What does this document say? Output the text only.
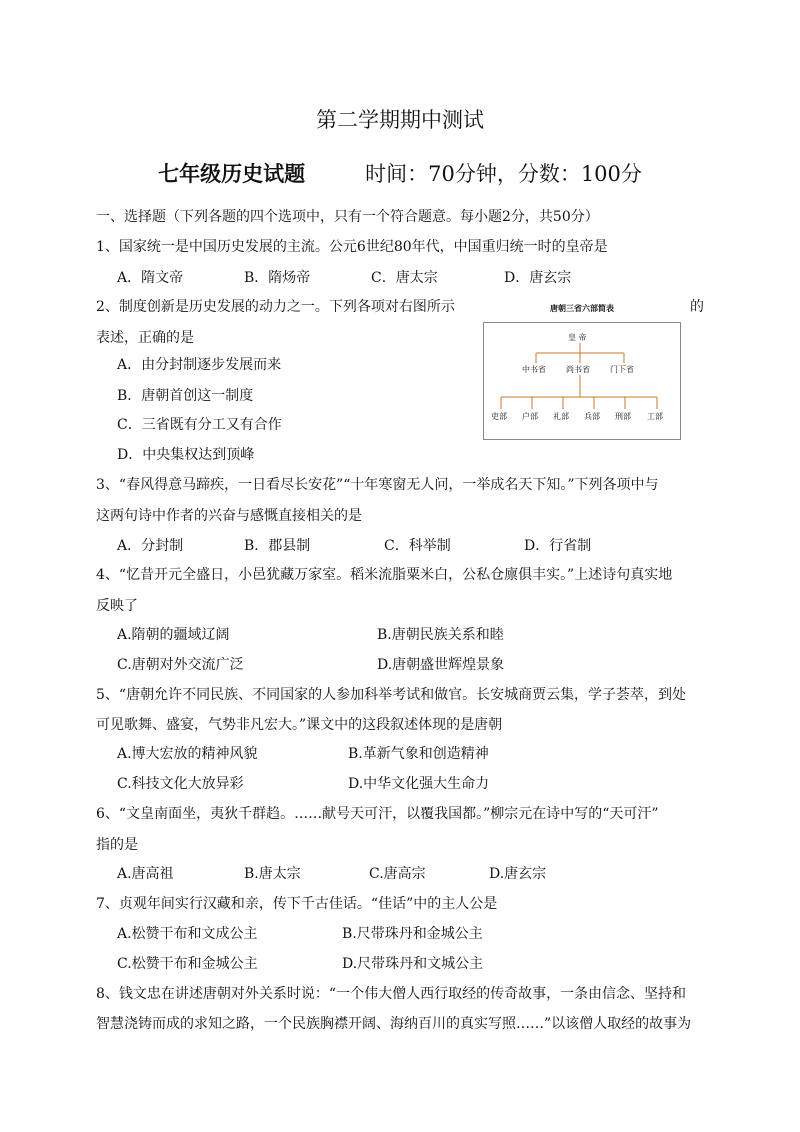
第二学期期中测试
七年级历史试题	时间：70分钟，分数：100分
一、选择题（下列各题的四个选项中，只有一个符合题意。每小题2分，共50分）
1、国家统一是中国历史发展的主流。公元6世纪80年代，中国重归统一时的皇帝是
A．隋文帝	B．隋炀帝	C．唐太宗	D．唐玄宗
2、制度创新是历史发展的动力之一。下列各项对右图所示	的
表述，正确的是
A．由分封制逐步发展而来
B．唐朝首创这一制度
C．三省既有分工又有合作
D．中央集权达到顶峰
唐朝三省六部简表
皇 帝
中书省	尚书省	门下省
吏部 户部 礼部 兵部 刑部 工部
3、“春风得意马蹄疾，一日看尽长安花”“十年寒窗无人问，一举成名天下知。”下列各项中与
这两句诗中作者的兴奋与感慨直接相关的是
A．分封制	B．郡县制	C．科举制	D．行省制
4、“忆昔开元全盛日，小邑犹藏万家室。稻米流脂粟米白，公私仓廪俱丰实。”上述诗句真实地
反映了
A.隋朝的疆域辽阔	B.唐朝民族关系和睦
C.唐朝对外交流广泛	D.唐朝盛世辉煌景象
5、“唐朝允许不同民族、不同国家的人参加科举考试和做官。长安城商贾云集，学子荟萃，到处
可见歌舞、盛宴，气势非凡宏大。”课文中的这段叙述体现的是唐朝
A.博大宏放的精神风貌	B.革新气象和创造精神
C.科技文化大放异彩	D.中华文化强大生命力
6、“文皇南面坐，夷狄千群趋。……献号天可汗，以覆我国都。”柳宗元在诗中写的“天可汗”
指的是
A.唐高祖	B.唐太宗	C.唐高宗	D.唐玄宗
7、贞观年间实行汉藏和亲，传下千古佳话。“佳话”中的主人公是
A.松赞干布和文成公主	B.尺带珠丹和金城公主
C.松赞干布和金城公主	D.尺带珠丹和文城公主
8、钱文忠在讲述唐朝对外关系时说：“一个伟大僧人西行取经的传奇故事，一条由信念、坚持和
智慧浇铸而成的求知之路，一个民族胸襟开阔、海纳百川的真实写照……”以该僧人取经的故事为
